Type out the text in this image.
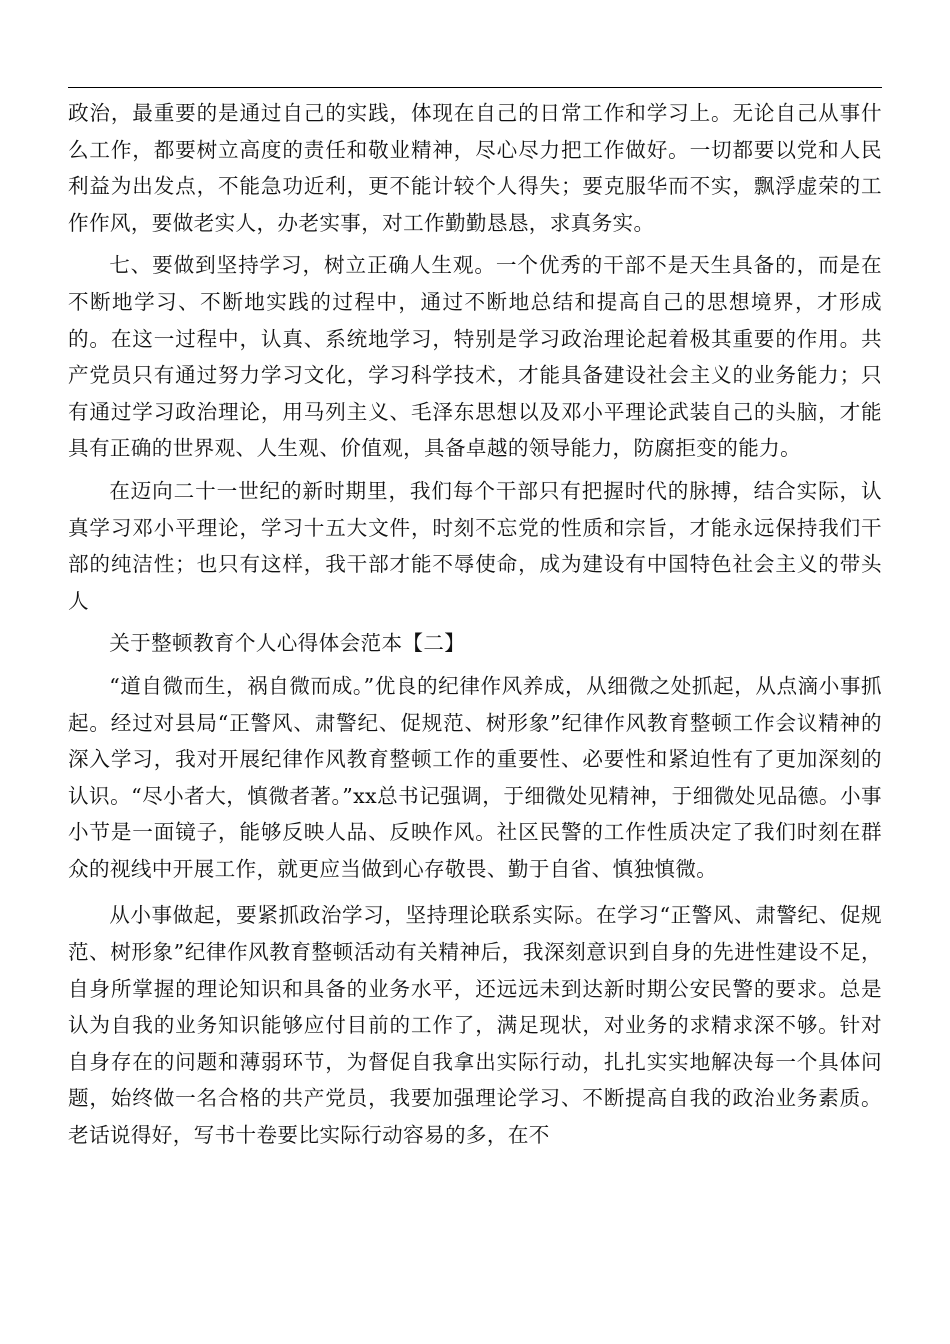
政治，最重要的是通过自己的实践，体现在自己的日常工作和学习上。无论自己从事什么工作，都要树立高度的责任和敬业精神，尽心尽力把工作做好。一切都要以党和人民利益为出发点，不能急功近利，更不能计较个人得失；要克服华而不实，飘浮虚荣的工作作风，要做老实人，办老实事，对工作勤勤恳恳，求真务实。

七、要做到坚持学习，树立正确人生观。一个优秀的干部不是天生具备的，而是在不断地学习、不断地实践的过程中，通过不断地总结和提高自己的思想境界，才形成的。在这一过程中，认真、系统地学习，特别是学习政治理论起着极其重要的作用。共产党员只有通过努力学习文化，学习科学技术，才能具备建设社会主义的业务能力；只有通过学习政治理论，用马列主义、毛泽东思想以及邓小平理论武装自己的头脑，才能具有正确的世界观、人生观、价值观，具备卓越的领导能力，防腐拒变的能力。

在迈向二十一世纪的新时期里，我们每个干部只有把握时代的脉搏，结合实际，认真学习邓小平理论，学习十五大文件，时刻不忘党的性质和宗旨，才能永远保持我们干部的纯洁性；也只有这样，我干部才能不辱使命，成为建设有中国特色社会主义的带头人

关于整顿教育个人心得体会范本【二】

“道自微而生，祸自微而成。”优良的纪律作风养成，从细微之处抓起，从点滴小事抓起。经过对县局“正警风、肃警纪、促规范、树形象”纪律作风教育整顿工作会议精神的深入学习，我对开展纪律作风教育整顿工作的重要性、必要性和紧迫性有了更加深刻的认识。“尽小者大，慎微者著。”xx总书记强调，于细微处见精神，于细微处见品德。小事小节是一面镜子，能够反映人品、反映作风。社区民警的工作性质决定了我们时刻在群众的视线中开展工作，就更应当做到心存敬畏、勤于自省、慎独慎微。

从小事做起，要紧抓政治学习，坚持理论联系实际。在学习“正警风、肃警纪、促规范、树形象”纪律作风教育整顿活动有关精神后，我深刻意识到自身的先进性建设不足，自身所掌握的理论知识和具备的业务水平，还远远未到达新时期公安民警的要求。总是认为自我的业务知识能够应付目前的工作了，满足现状，对业务的求精求深不够。针对自身存在的问题和薄弱环节，为督促自我拿出实际行动，扎扎实实地解决每一个具体问题，始终做一名合格的共产党员，我要加强理论学习、不断提高自我的政治业务素质。老话说得好，写书十卷要比实际行动容易的多，在不
